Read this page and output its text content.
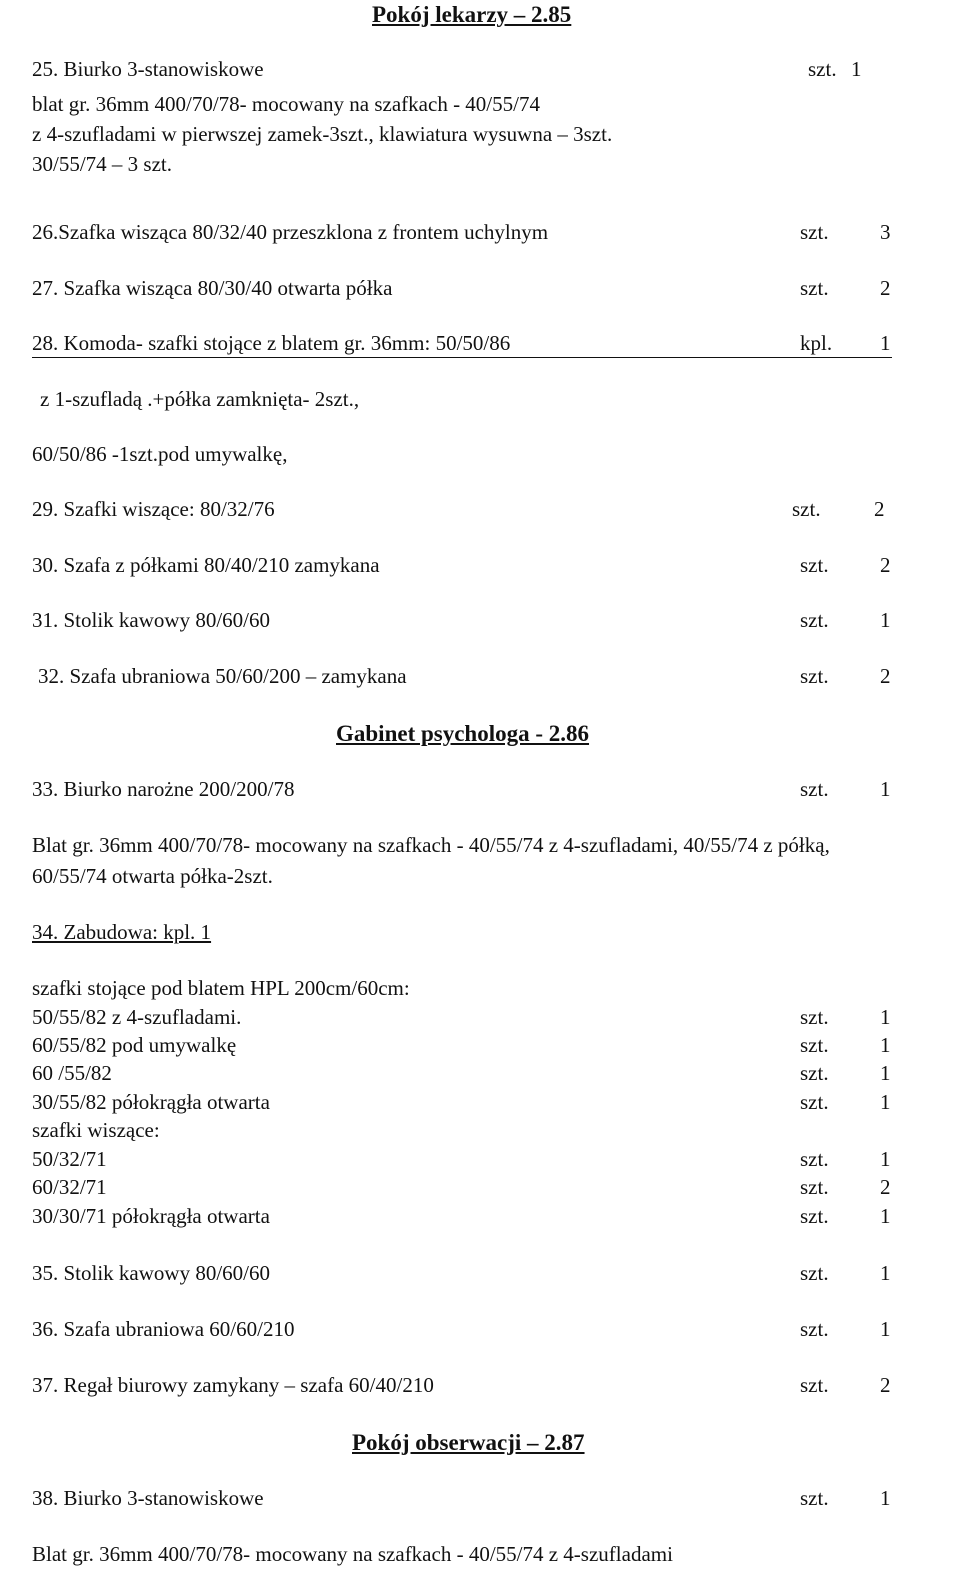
Pokój lekarzy – 2.85
25. Biurko 3-stanowiskowe	szt. 1
blat gr. 36mm 400/70/78- mocowany na szafkach - 40/55/74
z 4-szufladami w pierwszej zamek-3szt., klawiatura wysuwna – 3szt.
30/55/74 – 3 szt.
26.Szafka wisząca 80/32/40 przeszklona z frontem uchylnym	szt. 3
27. Szafka wisząca 80/30/40 otwarta półka	szt. 2
28. Komoda- szafki stojące z blatem gr. 36mm: 50/50/86	kpl. 1
z 1-szufladą .+półka zamknięta- 2szt.,
60/50/86 -1szt.pod umywalkę,
29. Szafki wiszące: 80/32/76	szt.	2
30. Szafa z półkami 80/40/210 zamykana	szt. 2
31. Stolik kawowy 80/60/60	szt. 1
32. Szafa ubraniowa 50/60/200 – zamykana	szt. 2
Gabinet psychologa - 2.86
33. Biurko narożne 200/200/78	szt. 1
Blat gr. 36mm 400/70/78- mocowany na szafkach - 40/55/74 z 4-szufladami, 40/55/74 z półką,
60/55/74 otwarta półka-2szt.
34. Zabudowa: kpl. 1
szafki stojące pod blatem HPL 200cm/60cm:
50/55/82 z 4-szufladami.	szt. 1
60/55/82 pod umywalkę	szt. 1
60 /55/82	szt. 1
30/55/82 półokrągła otwarta	szt. 1
szafki wiszące:
50/32/71	szt. 1
60/32/71	szt. 2
30/30/71 półokrągła otwarta	szt. 1
35. Stolik kawowy 80/60/60	szt. 1
36. Szafa ubraniowa 60/60/210	szt. 1
37. Regał biurowy zamykany – szafa 60/40/210	szt. 2
Pokój obserwacji – 2.87
38. Biurko 3-stanowiskowe	szt. 1
Blat gr. 36mm 400/70/78- mocowany na szafkach - 40/55/74 z 4-szufladami
